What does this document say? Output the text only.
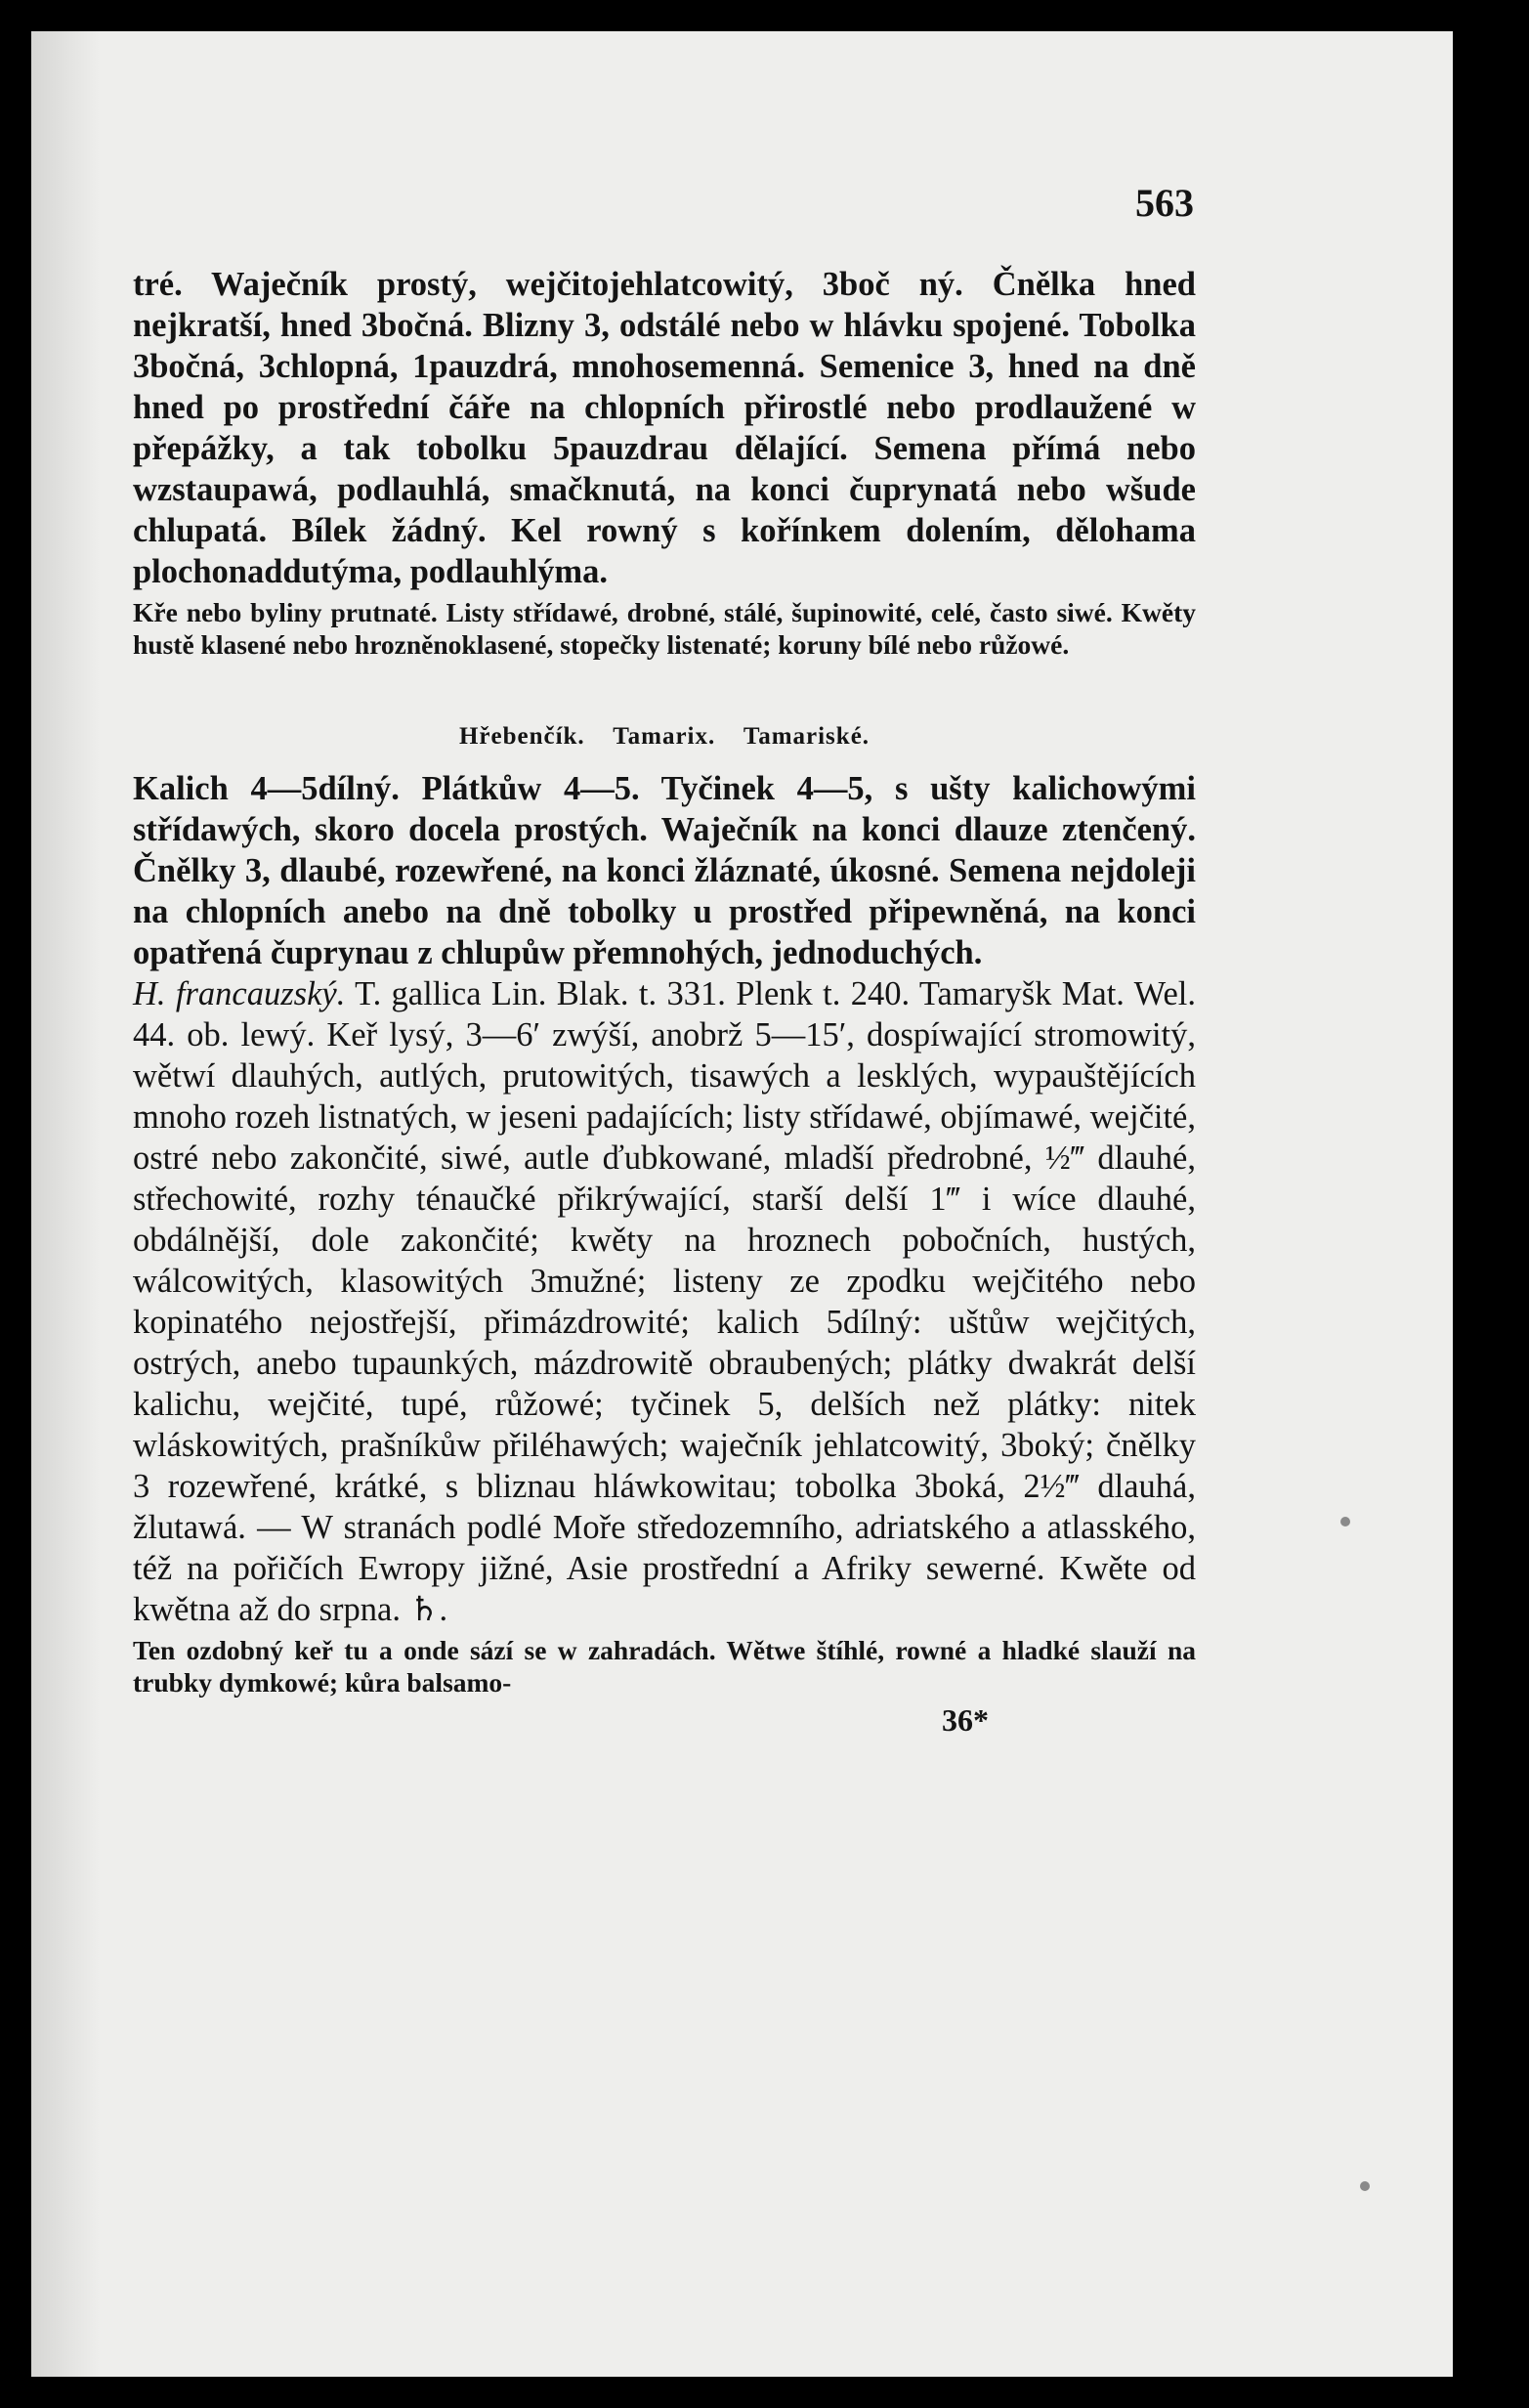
563

tré. Waječník prostý, wejčitojehlatcowitý, 3boč ný. Čnělka hned nejkratší, hned 3bočná. Blizny 3, odstálé nebo w hlávku spojené. Tobolka 3bočná, 3chlopná, 1pauzdrá, mnohosemenná. Semenice 3, hned na dně hned po prostřední čáře na chlopních přirostlé nebo prodlaužené w přepážky, a tak tobolku 5pauzdrau dělající. Semena přímá nebo wzstaupawá, podlauhlá, smačknutá, na konci čuprynatá nebo wšude chlupatá. Bílek žádný. Kel rowný s kořínkem dolením, dělohama plochonaddutýma, podlauhlýma.

Kře nebo byliny prutnaté. Listy střídawé, drobné, stálé, šupinowité, celé, často siwé. Kwěty hustě klasené nebo hrozněnoklasené, stopečky listenaté; koruny bílé nebo růžowé.

Hřebenčík. Tamarix. Tamariské.

Kalich 4—5dílný. Plátkůw 4—5. Tyčinek 4—5, s ušty kalichowými střídawých, skoro docela prostých. Waječník na konci dlauze ztenčený. Čnělky 3, dlaubé, rozewřené, na konci žláznaté, úkosné. Semena nejdoleji na chlopních anebo na dně tobolky u prostřed připewněná, na konci opatřená čuprynau z chlupůw přemnohých, jednoduchých.

H. francauzský. T. gallica Lin. Blak. t. 331. Plenk t. 240. Tamaryšk Mat. Wel. 44. ob. lewý. Keř lysý, 3—6′ zwýší, anobrž 5—15′, dospíwající stromowitý, wětwí dlauhých, autlých, prutowitých, tisawých a lesklých, wypauštějících mnoho rozeh listnatých, w jeseni padajících; listy střídawé, objímawé, wejčité, ostré nebo zakončité, siwé, autle ďubkowané, mladší předrobné, ½‴ dlauhé, střechowité, rozhy ténaučké přikrýwající, starší delší 1‴ i wíce dlauhé, obdálnější, dole zakončité; kwěty na hroznech pobočních, hustých, wálcowitých, klasowitých 3mužné; listeny ze zpodku wejčitého nebo kopinatého nejostřejší, přimázdrowité; kalich 5dílný: uštůw wejčitých, ostrých, anebo tupaunkých, mázdrowitě obraubených; plátky dwakrát delší kalichu, wejčité, tupé, růžowé; tyčinek 5, delších než plátky: nitek wláskowitých, prašníkůw přiléhawých; waječník jehlatcowitý, 3boký; čnělky 3 rozewřené, krátké, s bliznau hláwkowitau; tobolka 3boká, 2½‴ dlauhá, žlutawá. — W stranách podlé Moře středozemního, adriatského a atlasského, též na pořičích Ewropy jižné, Asie prostřední a Afriky sewerné. Kwěte od kwětna až do srpna. ♄.

Ten ozdobný keř tu a onde sází se w zahradách. Wětwe štíhlé, rowné a hladké slauží na trubky dymkowé; kůra balsamo-

36*
